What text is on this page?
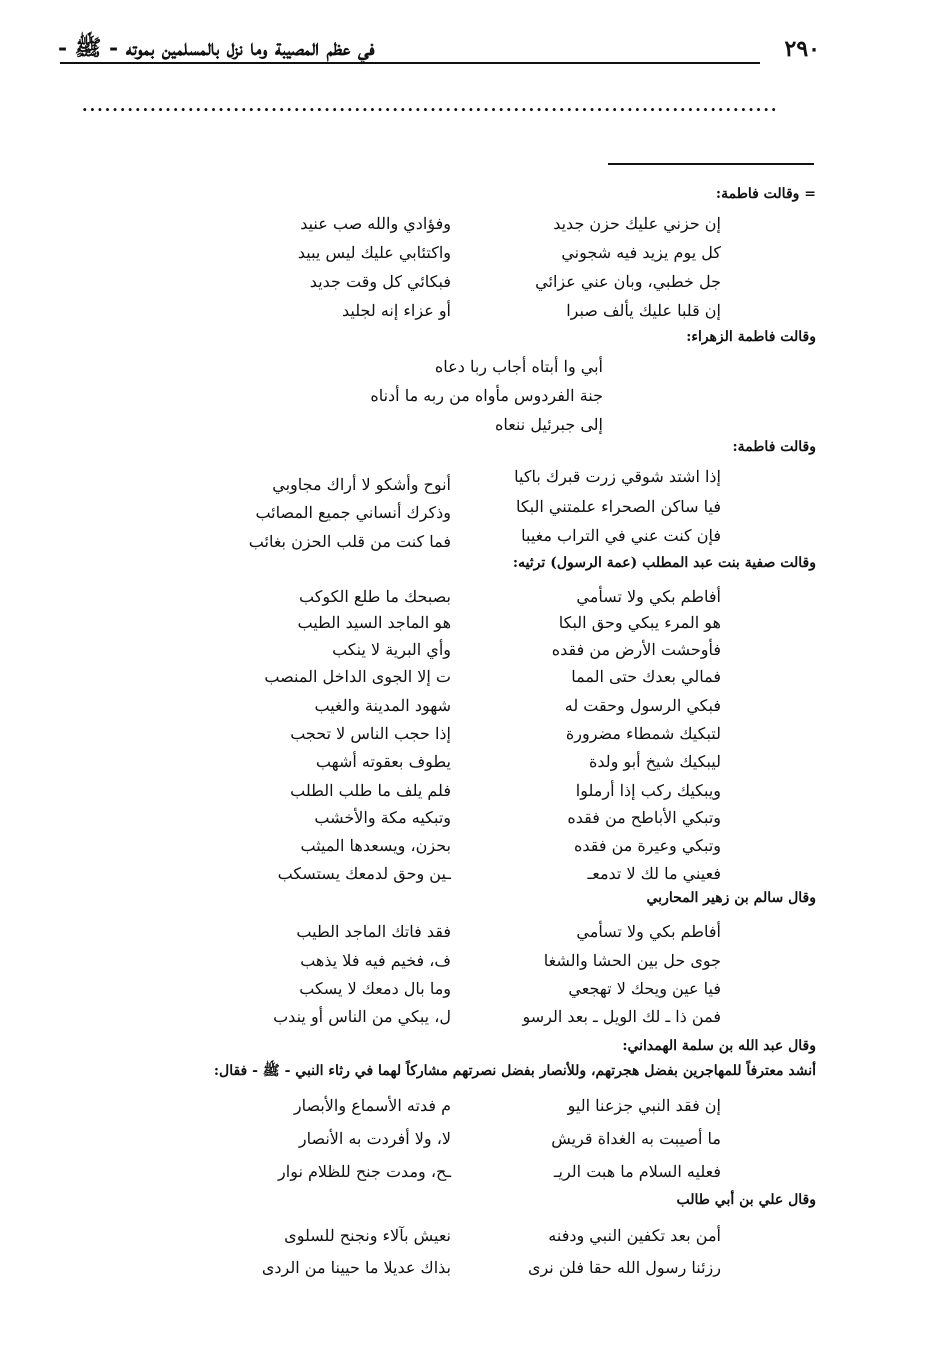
٢٩٠
في عظم المصيبة وما نزل بالمسلمين بموته - ﷺ -
............................................................................................
= وقالت فاطمة:
إن حزني عليك حزن جديد
وفؤادي والله صب عنيد
كل يوم يزيد فيه شجوني
واكتئابي عليك ليس يبيد
جل خطبي، وبان عني عزائي
فبكائي كل وقت جديد
إن قلبا عليك يألف صبرا
أو عزاء إنه لجليد
وقالت فاطمة الزهراء:
أبي وا أبتاه أجاب ربا دعاه
جنة الفردوس مأواه من ربه ما أدناه
إلى جبرئيل ننعاه
وقالت فاطمة:
إذا اشتد شوقي زرت قبرك باكيا
أنوح وأشكو لا أراك مجاوبي
فيا ساكن الصحراء علمتني البكا
وذكرك أنساني جميع المصائب
فإن كنت عني في التراب مغيبا
فما كنت من قلب الحزن بغائب
وقالت صفية بنت عبد المطلب (عمة الرسول) ترثيه:
أفاطم بكي ولا تسأمي
بصبحك ما طلع الكوكب
هو المرء يبكي وحق البكا
هو الماجد السيد الطيب
فأوحشت الأرض من فقده
وأي البرية لا ينكب
فمالي بعدك حتى المما
ت إلا الجوى الداخل المنصب
فبكي الرسول وحقت له
شهود المدينة والغيب
لتبكيك شمطاء مضرورة
إذا حجب الناس لا تحجب
ليبكيك شيخ أبو ولدة
يطوف بعقوته أشهب
ويبكيك ركب إذا أرملوا
فلم يلف ما طلب الطلب
وتبكي الأباطح من فقده
وتبكيه مكة والأخشب
وتبكي وعيرة من فقده
بحزن، ويسعدها الميثب
فعيني ما لك لا تدمعـ
ـين وحق لدمعك يستسكب
وقال سالم بن زهير المحاربي
أفاطم بكي ولا تسأمي
فقد فاتك الماجد الطيب
جوى حل بين الحشا والشغا
ف، فخيم فيه فلا يذهب
فيا عين ويحك لا تهجعي
وما بال دمعك لا يسكب
فمن ذا ـ لك الويل ـ بعد الرسو
ل، يبكي من الناس أو يندب
وقال عبد الله بن سلمة الهمداني:
أنشد معترفاً للمهاجرين بفضل هجرتهم، وللأنصار بفضل نصرتهم مشاركاً لهما في رثاء النبي - ﷺ - فقال:
إن فقد النبي جزعنا اليو
م فدته الأسماع والأبصار
ما أصيبت به الغداة قريش
لا، ولا أفردت به الأنصار
فعليه السلام ما هبت الريـ
ـح، ومدت جنح للظلام نوار
وقال علي بن أبي طالب
أمن بعد تكفين النبي ودفنه
نعيش بآلاء ونجنح للسلوى
رزئنا رسول الله حقا فلن نرى
بذاك عديلا ما حيينا من الردى
